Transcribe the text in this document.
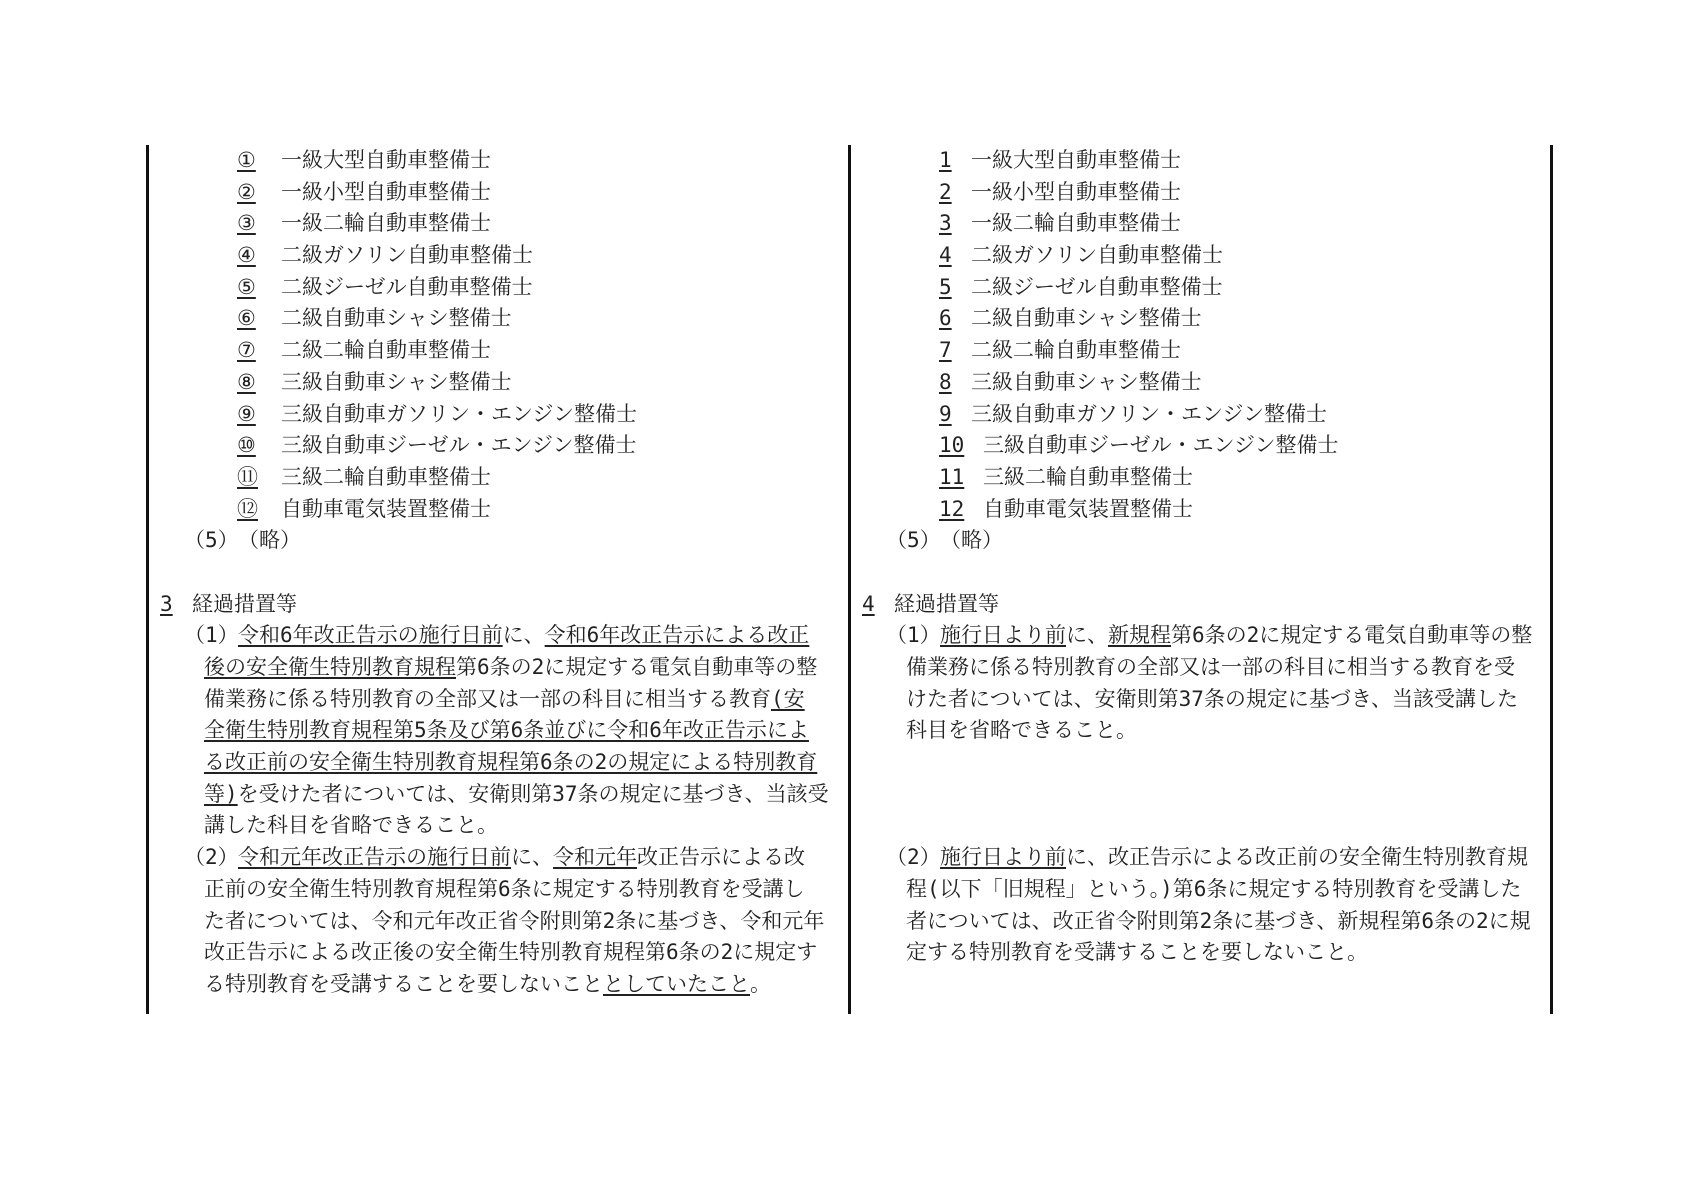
① 一級大型自動車整備士
② 一級小型自動車整備士
③ 一級二輪自動車整備士
④ 二級ガソリン自動車整備士
⑤ 二級ジーゼル自動車整備士
⑥ 二級自動車シャシ整備士
⑦ 二級二輪自動車整備士
⑧ 三級自動車シャシ整備士
⑨ 三級自動車ガソリン・エンジン整備士
⑩ 三級自動車ジーゼル・エンジン整備士
⑪ 三級二輪自動車整備士
⑫ 自動車電気装置整備士
（5）（略）
3 経過措置等
（1）令和6年改正告示の施行日前に、令和6年改正告示による改正
後の安全衛生特別教育規程第6条の2に規定する電気自動車等の整
備業務に係る特別教育の全部又は一部の科目に相当する教育(安
全衛生特別教育規程第5条及び第6条並びに令和6年改正告示によ
る改正前の安全衛生特別教育規程第6条の2の規定による特別教育
等)を受けた者については、安衛則第37条の規定に基づき、当該受
講した科目を省略できること。
（2）令和元年改正告示の施行日前に、令和元年改正告示による改
正前の安全衛生特別教育規程第6条に規定する特別教育を受講し
た者については、令和元年改正省令附則第2条に基づき、令和元年
改正告示による改正後の安全衛生特別教育規程第6条の2に規定す
る特別教育を受講することを要しないこととしていたこと。
1 一級大型自動車整備士
2 一級小型自動車整備士
3 一級二輪自動車整備士
4 二級ガソリン自動車整備士
5 二級ジーゼル自動車整備士
6 二級自動車シャシ整備士
7 二級二輪自動車整備士
8 三級自動車シャシ整備士
9 三級自動車ガソリン・エンジン整備士
10 三級自動車ジーゼル・エンジン整備士
11 三級二輪自動車整備士
12 自動車電気装置整備士
（5）（略）
4 経過措置等
（1）施行日より前に、新規程第6条の2に規定する電気自動車等の整
備業務に係る特別教育の全部又は一部の科目に相当する教育を受
けた者については、安衛則第37条の規定に基づき、当該受講した
科目を省略できること。
（2）施行日より前に、改正告示による改正前の安全衛生特別教育規
程(以下「旧規程」という。)第6条に規定する特別教育を受講した
者については、改正省令附則第2条に基づき、新規程第6条の2に規
定する特別教育を受講することを要しないこと。
